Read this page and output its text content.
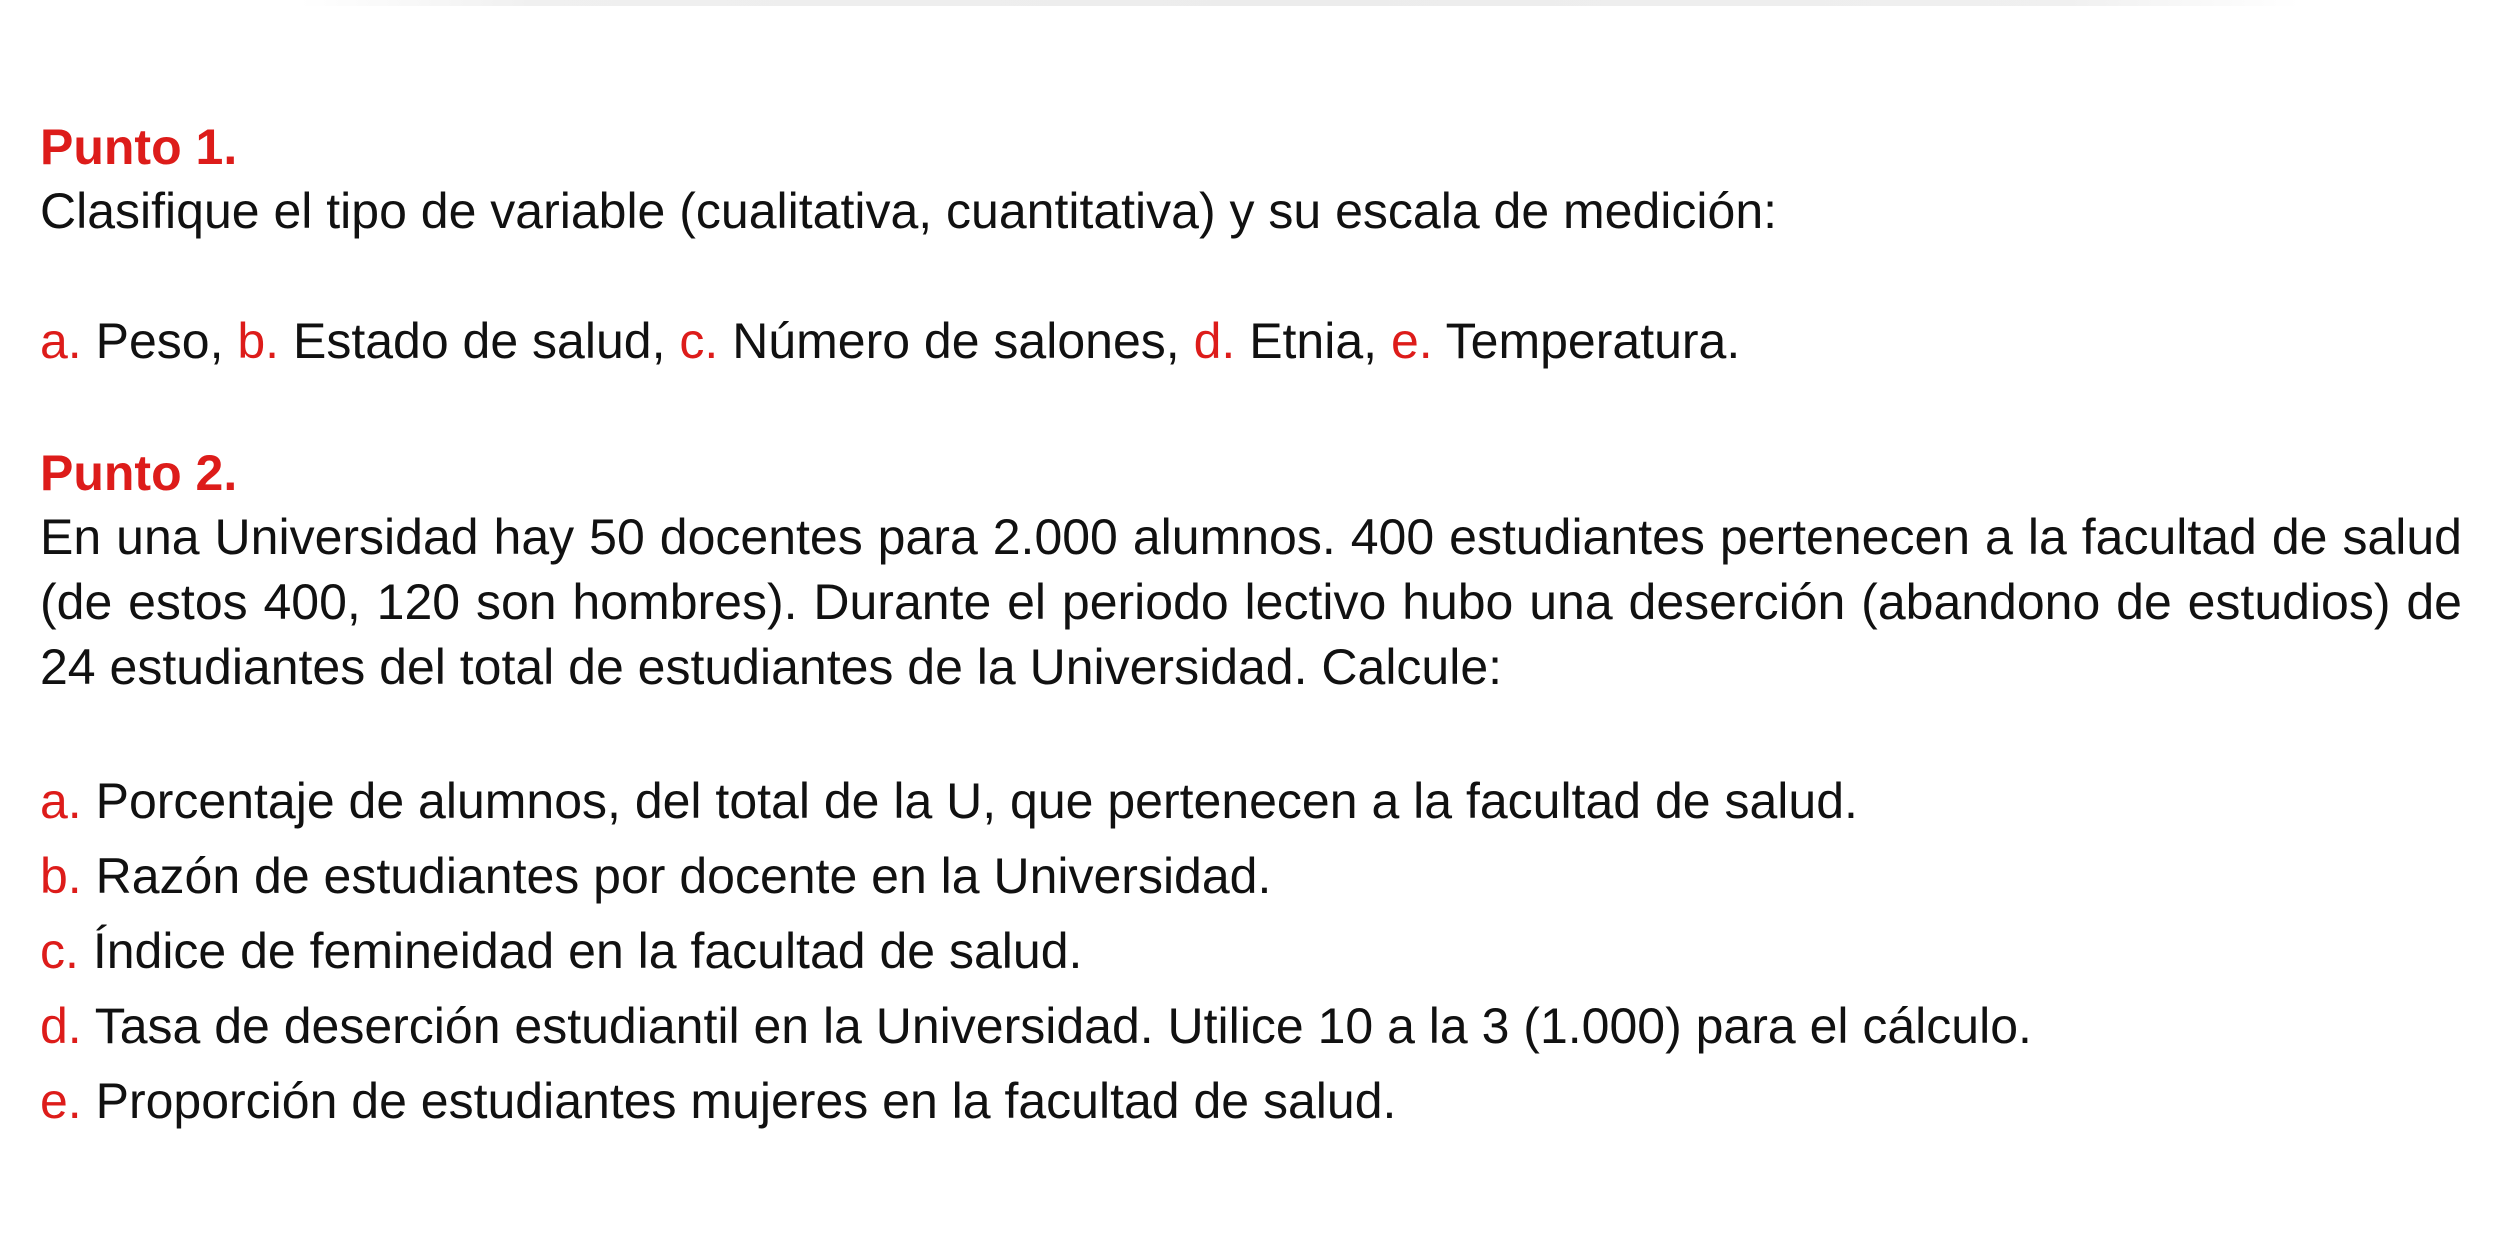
Punto 1.

Clasifique el tipo de variable (cualitativa, cuantitativa) y su escala de medición:

a. Peso, b. Estado de salud, c. Número de salones, d. Etnia, e. Temperatura.

Punto 2.

En una Universidad hay 50 docentes para 2.000 alumnos. 400 estudiantes pertenecen a la facultad de salud (de estos 400, 120 son hombres). Durante el periodo lectivo hubo una deserción (abandono de estudios) de 24 estudiantes del total de estudiantes de la Universidad. Calcule:

a. Porcentaje de alumnos, del total de la U, que pertenecen a la facultad de salud.

b. Razón de estudiantes por docente en la Universidad.

c. Índice de femineidad en la facultad de salud.

d. Tasa de deserción estudiantil en la Universidad. Utilice 10 a la 3 (1.000) para el cálculo.

e. Proporción de estudiantes mujeres en la facultad de salud.
